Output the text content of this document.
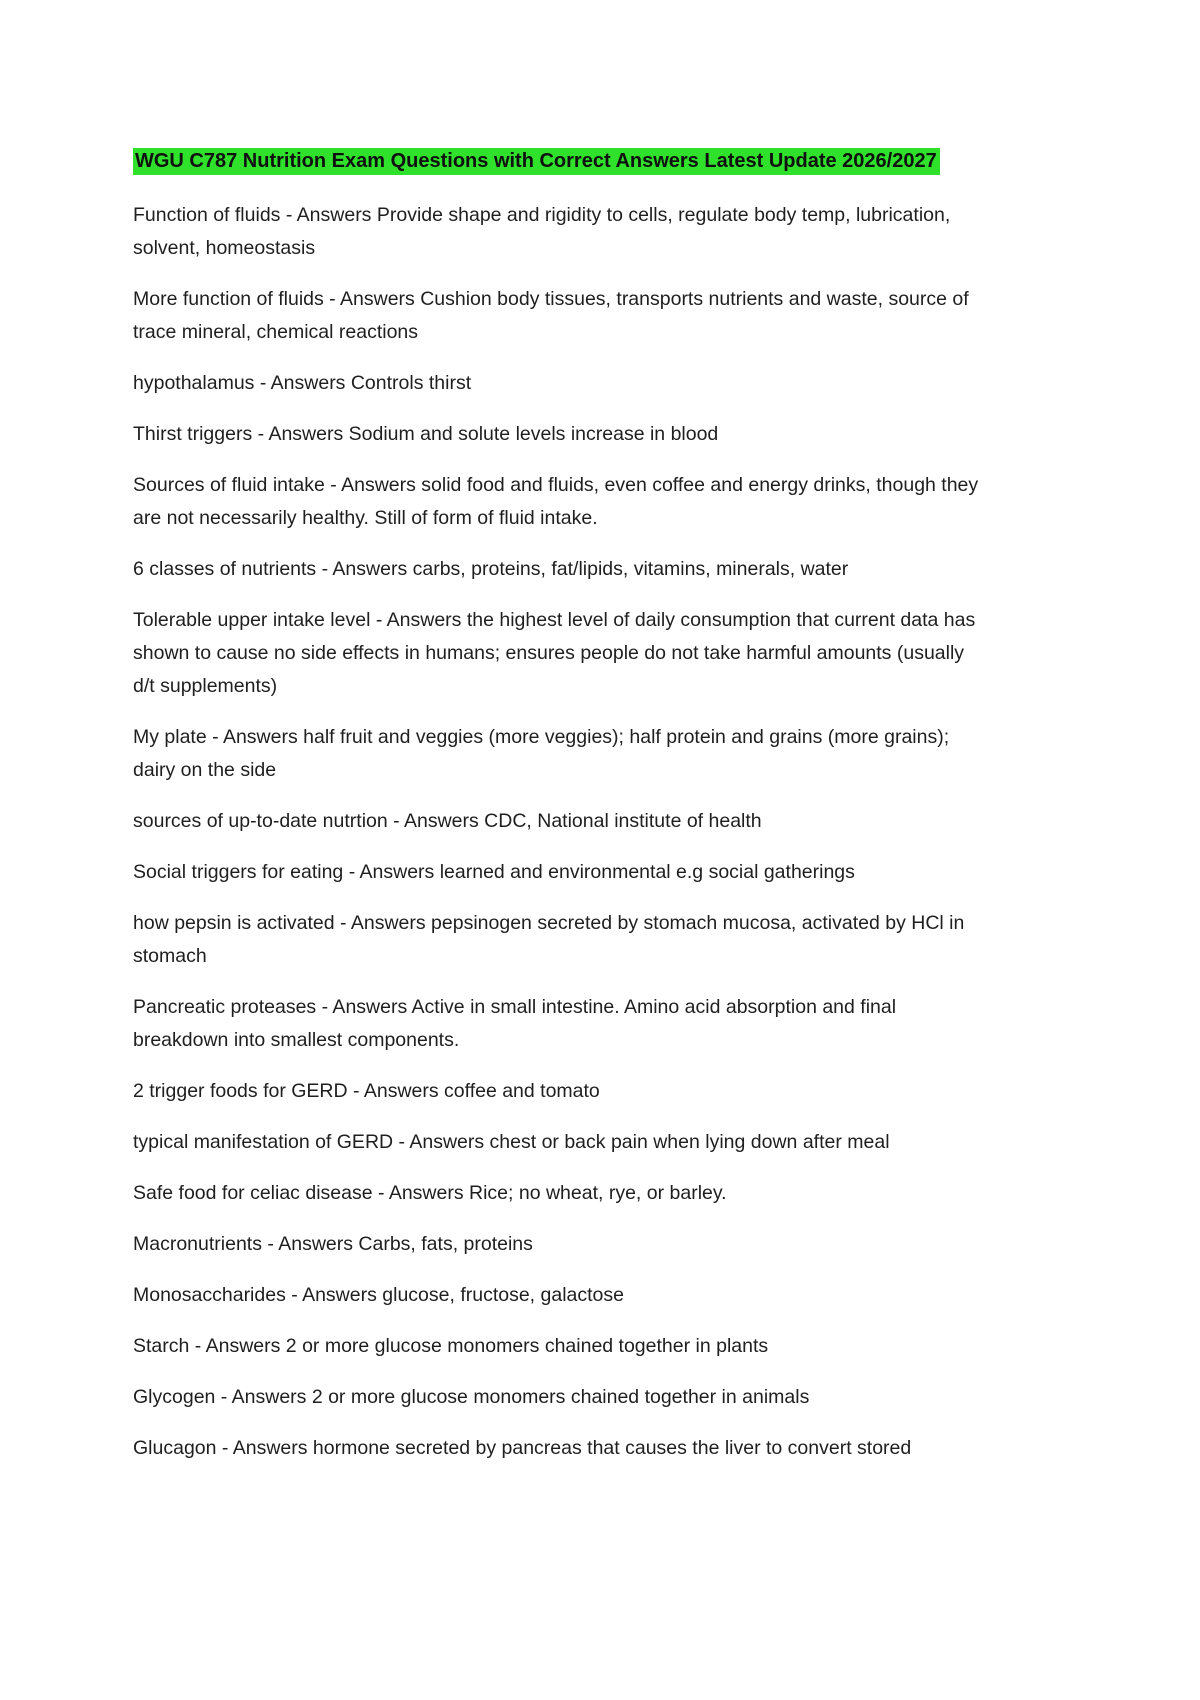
WGU C787 Nutrition Exam Questions with Correct Answers Latest Update 2026/2027

Function of fluids - Answers Provide shape and rigidity to cells, regulate body temp, lubrication, solvent, homeostasis

More function of fluids - Answers Cushion body tissues, transports nutrients and waste, source of trace mineral, chemical reactions

hypothalamus - Answers Controls thirst

Thirst triggers - Answers Sodium and solute levels increase in blood

Sources of fluid intake - Answers solid food and fluids, even coffee and energy drinks, though they are not necessarily healthy. Still of form of fluid intake.

6 classes of nutrients - Answers carbs, proteins, fat/lipids, vitamins, minerals, water

Tolerable upper intake level - Answers the highest level of daily consumption that current data has shown to cause no side effects in humans; ensures people do not take harmful amounts (usually d/t supplements)

My plate - Answers half fruit and veggies (more veggies); half protein and grains (more grains); dairy on the side

sources of up-to-date nutrtion - Answers CDC, National institute of health

Social triggers for eating - Answers learned and environmental e.g social gatherings

how pepsin is activated - Answers pepsinogen secreted by stomach mucosa, activated by HCl in stomach

Pancreatic proteases - Answers Active in small intestine. Amino acid absorption and final breakdown into smallest components.

2 trigger foods for GERD - Answers coffee and tomato

typical manifestation of GERD - Answers chest or back pain when lying down after meal

Safe food for celiac disease - Answers Rice; no wheat, rye, or barley.

Macronutrients - Answers Carbs, fats, proteins

Monosaccharides - Answers glucose, fructose, galactose

Starch - Answers 2 or more glucose monomers chained together in plants

Glycogen - Answers 2 or more glucose monomers chained together in animals

Glucagon - Answers hormone secreted by pancreas that causes the liver to convert stored
